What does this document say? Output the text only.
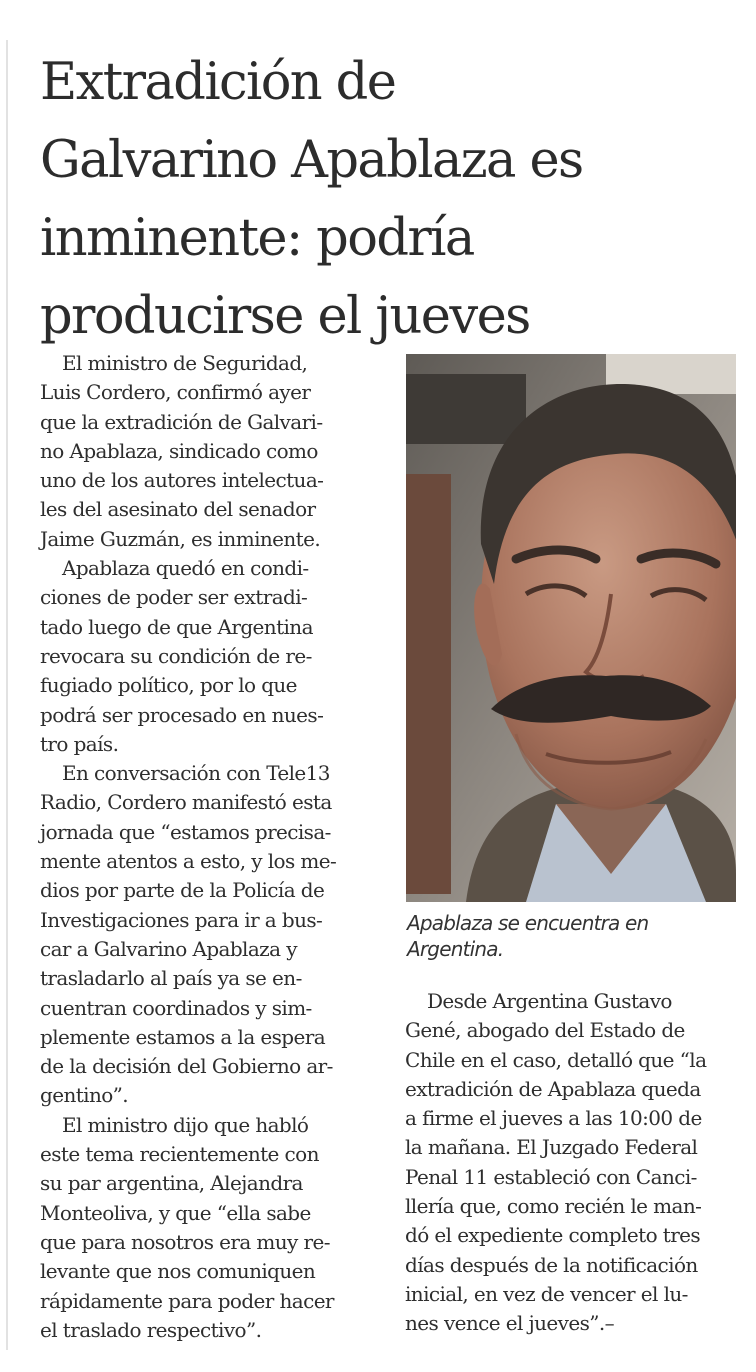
Extradición de
Galvarino Apablaza es
inminente: podría
producirse el jueves

El ministro de Seguridad,
Luis Cordero, confirmó ayer
que la extradición de Galvari-
no Apablaza, sindicado como
uno de los autores intelectua-
les del asesinato del senador
Jaime Guzmán, es inminente.

Apablaza quedó en condi-
ciones de poder ser extradi-
tado luego de que Argentina
revocara su condición de re-
fugiado político, por lo que
podrá ser procesado en nues-
tro país.

En conversación con Tele13
Radio, Cordero manifestó esta
jornada que “estamos precisa-
mente atentos a esto, y los me-
dios por parte de la Policía de
Investigaciones para ir a bus-
car a Galvarino Apablaza y
trasladarlo al país ya se en-
cuentran coordinados y sim-
plemente estamos a la espera
de la decisión del Gobierno ar-
gentino”.

El ministro dijo que habló
este tema recientemente con
su par argentina, Alejandra
Monteoliva, y que “ella sabe
que para nosotros era muy re-
levante que nos comuniquen
rápidamente para poder hacer
el traslado respectivo”.

Apablaza se encuentra en
Argentina.

Desde Argentina Gustavo
Gené, abogado del Estado de
Chile en el caso, detalló que “la
extradición de Apablaza queda
a firme el jueves a las 10:00 de
la mañana. El Juzgado Federal
Penal 11 estableció con Canci-
llería que, como recién le man-
dó el expediente completo tres
días después de la notificación
inicial, en vez de vencer el lu-
nes vence el jueves”.–
